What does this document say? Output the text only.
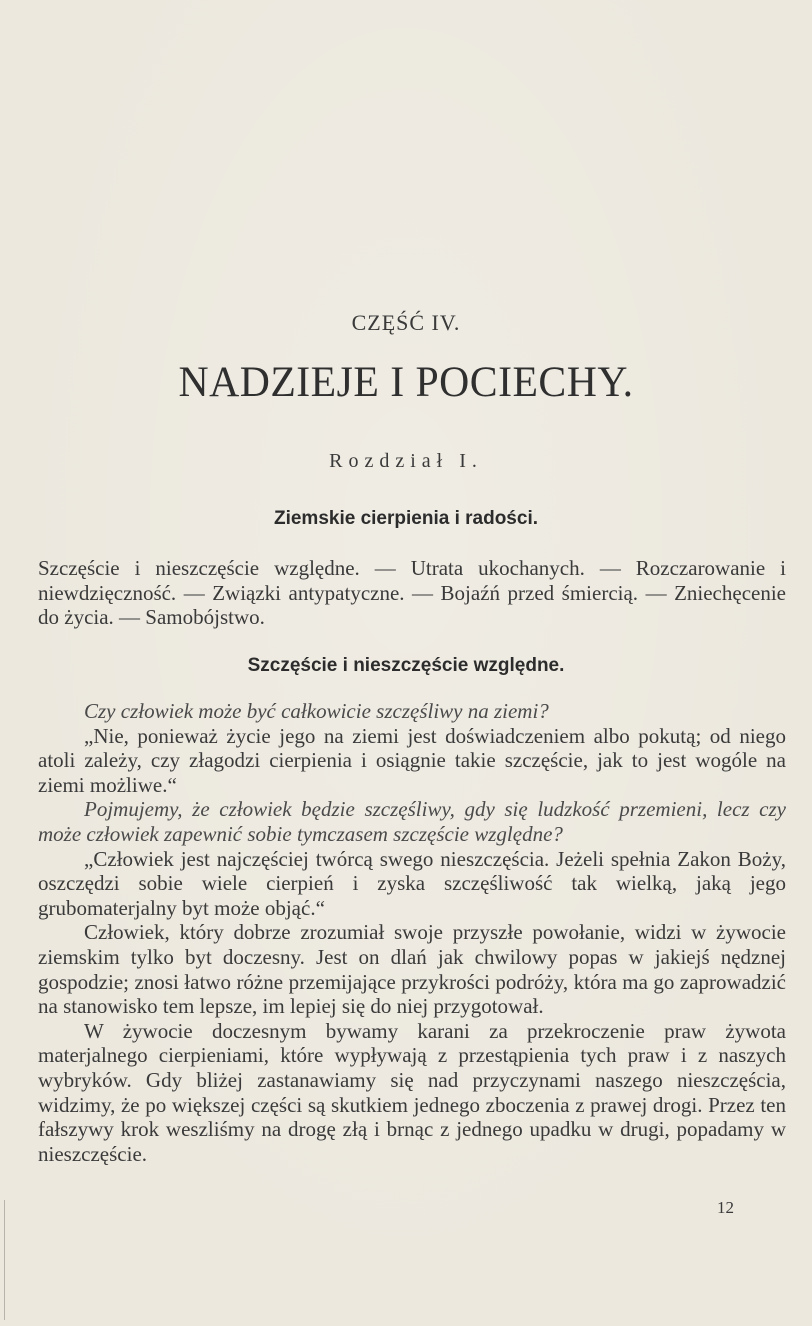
CZĘŚĆ IV.
NADZIEJE I POCIECHY.
Rozdział I.
Ziemskie cierpienia i radości.

Szczęście i nieszczęście względne. — Utrata ukochanych. — Rozczarowanie i niewdzięczność. — Związki antypatyczne. — Bojaźń przed śmiercią. — Zniechęcenie do życia. — Samobójstwo.

Szczęście i nieszczęście względne.

Czy człowiek może być całkowicie szczęśliwy na ziemi?

„Nie, ponieważ życie jego na ziemi jest doświadczeniem albo pokutą; od niego atoli zależy, czy złagodzi cierpienia i osiągnie takie szczęście, jak to jest wogóle na ziemi możliwe.“

Pojmujemy, że człowiek będzie szczęśliwy, gdy się ludzkość przemieni, lecz czy może człowiek zapewnić sobie tymczasem szczęście względne?

„Człowiek jest najczęściej twórcą swego nieszczęścia. Jeżeli spełnia Zakon Boży, oszczędzi sobie wiele cierpień i zyska szczęśliwość tak wielką, jaką jego grubomaterjalny byt może objąć.“

Człowiek, który dobrze zrozumiał swoje przyszłe powołanie, widzi w żywocie ziemskim tylko byt doczesny. Jest on dlań jak chwilowy popas w jakiejś nędznej gospodzie; znosi łatwo różne przemijające przykrości podróży, która ma go zaprowadzić na stanowisko tem lepsze, im lepiej się do niej przygotował.

W żywocie doczesnym bywamy karani za przekroczenie praw żywota materjalnego cierpieniami, które wypływają z przestąpienia tych praw i z naszych wybryków. Gdy bliżej zastanawiamy się nad przyczynami naszego nieszczęścia, widzimy, że po większej części są skutkiem jednego zboczenia z prawej drogi. Przez ten fałszywy krok weszliśmy na drogę złą i brnąc z jednego upadku w drugi, popadamy w nieszczęście.

12
